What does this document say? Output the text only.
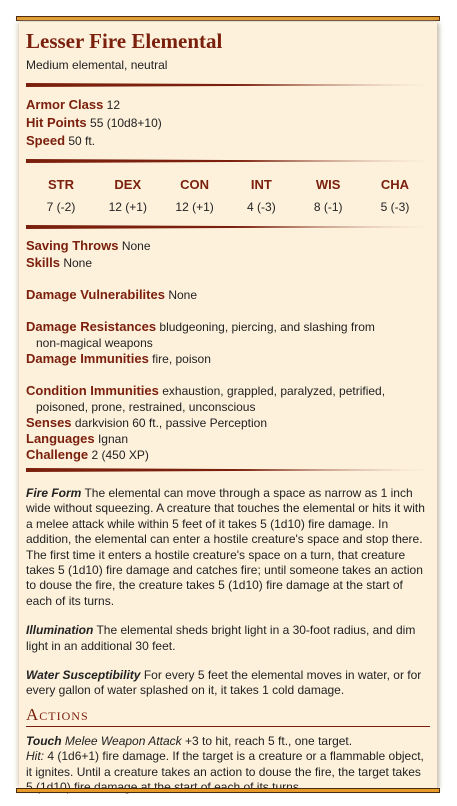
Lesser Fire Elemental
Medium elemental, neutral
Armor Class 12
Hit Points 55 (10d8+10)
Speed 50 ft.
STR
7 (-2)
DEX
12 (+1)
CON
12 (+1)
INT
4 (-3)
WIS
8 (-1)
CHA
5 (-3)
Saving Throws None
Skills None
Damage Vulnerabilites None
Damage Resistances bludgeoning, piercing, and slashing from
non-magical weapons
Damage Immunities fire, poison
Condition Immunities exhaustion, grappled, paralyzed, petrified,
poisoned, prone, restrained, unconscious
Senses darkvision 60 ft., passive Perception
Languages Ignan
Challenge 2 (450 XP)
Fire Form The elemental can move through a space as narrow as 1 inch wide without squeezing. A creature that touches the elemental or hits it with a melee attack while within 5 feet of it takes 5 (1d10) fire damage. In addition, the elemental can enter a hostile creature's space and stop there. The first time it enters a hostile creature's space on a turn, that creature takes 5 (1d10) fire damage and catches fire; until someone takes an action to douse the fire, the creature takes 5 (1d10) fire damage at the start of each of its turns.
Illumination The elemental sheds bright light in a 30-foot radius, and dim light in an additional 30 feet.
Water Susceptibility For every 5 feet the elemental moves in water, or for every gallon of water splashed on it, it takes 1 cold damage.
Actions
Touch Melee Weapon Attack +3 to hit, reach 5 ft., one target.
Hit: 4 (1d6+1) fire damage. If the target is a creature or a flammable object, it ignites. Until a creature takes an action to douse the fire, the target takes
